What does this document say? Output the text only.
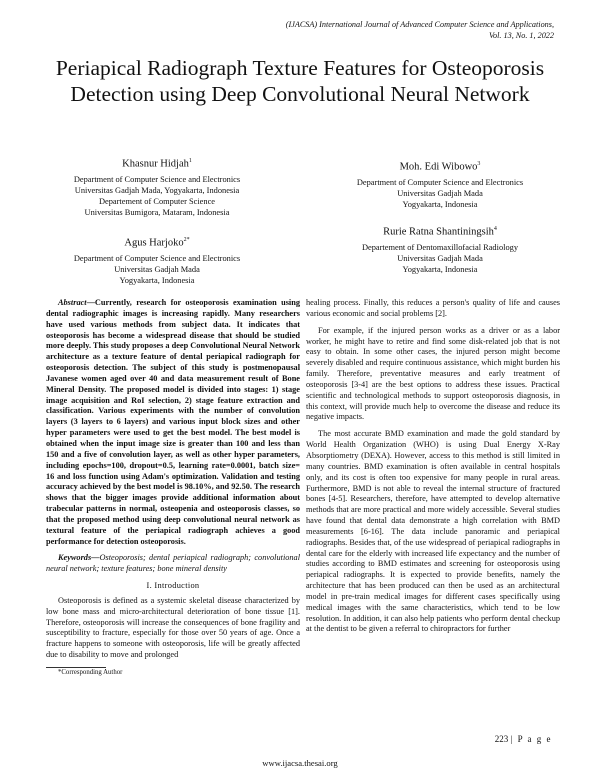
(IJACSA) International Journal of Advanced Computer Science and Applications,
Vol. 13, No. 1, 2022
Periapical Radiograph Texture Features for Osteoporosis Detection using Deep Convolutional Neural Network
Khasnur Hidjah$^1$
Department of Computer Science and Electronics
Universitas Gadjah Mada, Yogyakarta, Indonesia
Departement of Computer Science
Universitas Bumigora, Mataram, Indonesia
Agus Harjoko$^{2*}$
Department of Computer Science and Electronics
Universitas Gadjah Mada
Yogyakarta, Indonesia
Moh. Edi Wibowo$^3$
Department of Computer Science and Electronics
Universitas Gadjah Mada
Yogyakarta, Indonesia
Rurie Ratna Shantiningsih$^4$
Departement of Dentomaxillofacial Radiology
Universitas Gadjah Mada
Yogyakarta, Indonesia

Abstract—Currently, research for osteoporosis examination using dental radiographic images is increasing rapidly. Many researchers have used various methods from subject data. It indicates that osteoporosis has become a widespread disease that should be studied more deeply. This study proposes a deep Convolutional Neural Network architecture as a texture feature of dental periapical radiograph for osteoporosis detection. The subject of this study is postmenopausal Javanese women aged over 40 and data measurement result of Bone Mineral Density. The proposed model is divided into stages: 1) stage image acquisition and RoI selection, 2) stage feature extraction and classification. Various experiments with the number of convolution layers (3 layers to 6 layers) and various input block sizes and other hyper parameters were used to get the best model. The best model is obtained when the input image size is greater than 100 and less than 150 and a five of convolution layer, as well as other hyper parameters, including epochs=100, dropout=0.5, learning rate=0.0001, batch size= 16 and loss function using Adam's optimization. Validation and testing accuracy achieved by the best model is 98.10%, and 92.50. The research shows that the bigger images provide additional information about trabecular patterns in normal, osteopenia and osteoporosis classes, so that the proposed method using deep convolutional neural network as textural feature of the periapical radiograph achieves a good performance for detection osteoporosis.

Keywords—Osteoporosis; dental periapical radiograph; convolutional neural network; texture features; bone mineral density

I. Introduction

Osteoporosis is defined as a systemic skeletal disease characterized by low bone mass and micro-architectural deterioration of bone tissue [1]. Therefore, osteoporosis will increase the consequences of bone fragility and susceptibility to fracture, especially for those over 50 years of age. Once a fracture happens to someone with osteoporosis, life will be greatly affected due to disability to move and prolonged

*Corresponding Author

healing process. Finally, this reduces a person's quality of life and causes various economic and social problems [2].

For example, if the injured person works as a driver or as a labor worker, he might have to retire and find some disk-related job that is not easy to obtain. In some other cases, the injured person might become severely disabled and require continuous assistance, which might burden his family. Therefore, preventative measures and early treatment of osteoporosis [3-4] are the best options to address these issues. Practical scientific and technological methods to support osteoporosis diagnosis, in this context, will provide much help to overcome the disease and reduce its negative impacts.

The most accurate BMD examination and made the gold standard by World Health Organization (WHO) is using Dual Energy X-Ray Absorptiometry (DEXA). However, access to this method is still limited in many countries. BMD examination is often available in central hospitals only, and its cost is often too expensive for many people in rural areas. Furthermore, BMD is not able to reveal the internal structure of fractured bones [4-5]. Researchers, therefore, have attempted to develop alternative methods that are more practical and more widely accessible. Several studies have found that dental data demonstrate a high correlation with BMD measurements [6-16]. The data include panoramic and periapical radiographs. Besides that, of the use widespread of periapical radiographs in dental care for the elderly with increased life expectancy and the number of studies according to BMD estimates and screening for osteoporosis using periapical radiographs. It is expected to provide benefits, namely the architecture that has been produced can then be used as an architectural model in pre-train medical images for different cases specifically using medical images with the same characteristics, which tend to be low resolution. In addition, it can also help patients who perform dental checkup at the dentist to be given a referral to chiropractors for further

223 | P a g e
www.ijacsa.thesai.org
